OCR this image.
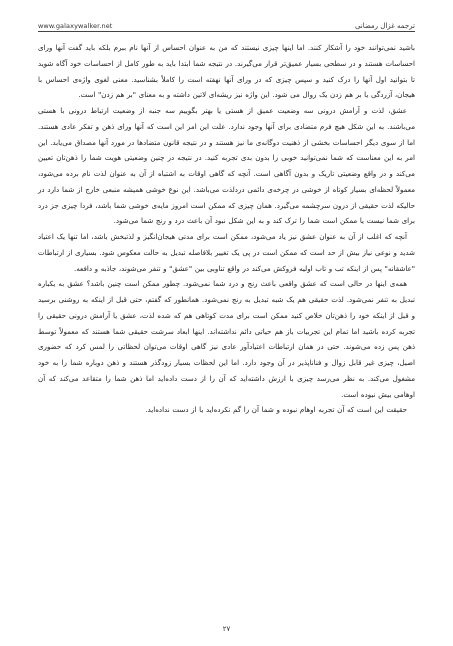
www.galaxywalker.net	ترجمه غزال رمضانی

باشید نمی‌توانند خود را آشکار کنند. اما اینها چیزی نیستند که من به عنوان احساس از آنها نام ببرم بلکه باید گفت آنها ورای احساسات هستند و در سطحی بسیار عمیق‌تر قرار می‌گیرند. در نتیجه شما ابتدا باید به طور کامل از احساسات خود آگاه شوید تا بتوانید اول آنها را درک کنید و سپس چیزی که در ورای آنها نهفته است را کاملاً بشناسید. معنی لغوی واژه‌ی احساس با هیجان، آزردگی یا بر هم زدن یک روال می شود. این واژه نیز ریشه‌ای لاتین داشته و به معنای "بر هم زدن" است.

عشق، لذت و آرامش درونی سه وضعیت عمیق از هستی یا بهتر بگوییم سه جنبه از وضعیت ارتباط درونی با هستی می‌باشند. به این شکل هیچ فرم متضادی برای آنها وجود ندارد. علت این امر این است که آنها ورای ذهن و تفکر عادی هستند. اما از سوی دیگر احساسات بخشی از ذهنیت دوگانه‌ی ما نیز هستند و در نتیجه قانون متضادها در مورد آنها مصداق می‌یابد. این امر به این معناست که شما نمی‌توانید خوبی را بدون بدی تجربه کنید. در نتیجه در چنین وضعیتی هویت شما را ذهن‌تان تعیین می‌کند و در واقع وضعیتی تاریک و بدون آگاهی است. آنچه که گاهی اوقات به اشتباه از آن به عنوان لذت نام برده می‌شود، معمولاً لحظه‌ای بسیار کوتاه از خوشی در چرخه‌ی دائمی دردلذت می‌باشد. این نوع خوشی همیشه منبعی خارج از شما دارد در حالیکه لذت حقیقی از درون سرچشمه می‌گیرد. همان چیزی که ممکن است امروز مایه‌ی خوشی شما باشد، فردا چیزی جز درد برای شما نیست یا ممکن است شما را ترک کند و به این شکل نبود آن باعث درد و رنج شما می‌شود.

آنچه که اغلب از آن به عنوان عشق نیز یاد می‌شود، ممکن است برای مدتی هیجان‌انگیز و لذتبخش باشد، اما تنها یک اعتیاد شدید و نوعی نیاز بیش از حد است که ممکن است در پی یک تغییر بلافاصله تبدیل به حالت معکوس شود. بسیاری از ارتباطات "عاشقانه" پس از اینکه تب و تاب اولیه فروکش می‌کند در واقع تناوبی بین "عشق" و تنفر می‌شوند، جاذبه و دافعه.

همه‌ی اینها در حالی است که عشق واقعی باعث رنج و درد شما نمی‌شود. چطور ممکن است چنین باشد؟ عشق به یکباره تبدیل به تنفر نمی‌شود. لذت حقیقی هم یک شبه تبدیل به رنج نمی‌شود. همانطور که گفتم، حتی قبل از اینکه به روشنی برسید و قبل از اینکه خود را ذهن‌تان خلاص کنید ممکن است برای مدت کوتاهی هم که شده لذت، عشق یا آرامش درونی حقیقی را تجربه کرده باشید اما تمام این تجربیات باز هم حیاتی دائم نداشته‌اند. اینها ابعاد سرشت حقیقی شما هستند که معمولاً توسط ذهن پس زده می‌شوند. حتی در همان ارتباطات اعتیادآور عادی نیز گاهی اوقات می‌توان لحظاتی را لمس کرد که حضوری اصیل، چیزی غیر قابل زوال و فناناپذیر در آن وجود دارد. اما این لحظات بسیار زودگذر هستند و ذهن دوباره شما را به خود مشغول می‌کند. به نظر می‌رسد چیزی با ارزش داشته‌اید که آن را از دست داده‌اید اما ذهن شما را متقاعد می‌کند که آن اوهامی بیش نبوده است.

حقیقت این است که آن تجربه اوهام نبوده و شما آن را گم نکرده‌اید یا از دست نداده‌اید.

۲۷
